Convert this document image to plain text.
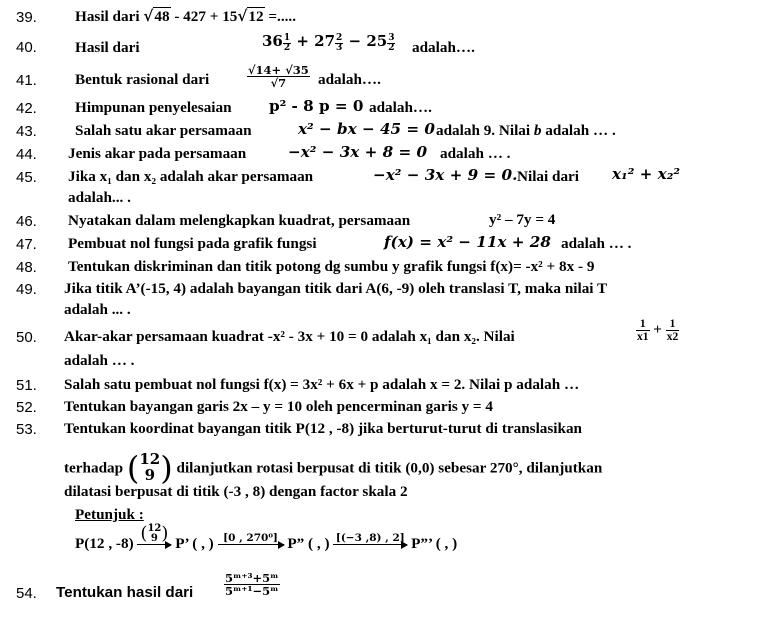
39.	Hasil dari √48 - 427 + 15√12 =.....
40.	Hasil dari	$36 \frac{1}{2} + 27 \frac{2}{3} - 25 \frac{3}{2}$ adalah….
41.	Bentuk rasional dari	$\frac{√14+ √35}{√7}$ adalah….
42.	Himpunan penyelesaian p² - 8 p = 0 adalah….
43.	Salah satu akar persamaan	x² − bx − 45 = 0 adalah 9. Nilai b adalah … .
44. Jenis akar pada persamaan	−x² − 3x + 8 = 0 adalah … .
45. Jika x₁ dan x₂ adalah akar persamaan	−x² − 3x + 9 = 0. Nilai dari x₁² + x₂²
adalah... .
46. Nyatakan dalam melengkapkan kuadrat, persamaan	y² – 7y = 4
47. Pembuat nol fungsi pada grafik fungsi	f(x) = x² − 11x + 28 adalah … .
48. Tentukan diskriminan dan titik potong dg sumbu y grafik fungsi f(x)= -x² + 8x - 9
49. Jika titik A’(-15, 4) adalah bayangan titik dari A(6, -9) oleh translasi T, maka nilai T
adalah ... .
50. Akar-akar persamaan kuadrat -x² - 3x + 10 = 0 adalah x₁ dan x₂. Nilai	$\frac{1}{x1} + \frac{1}{x2}$
adalah … .
51. Salah satu pembuat nol fungsi f(x) = 3x² + 6x + p adalah x = 2. Nilai p adalah …
52. Tentukan bayangan garis 2x – y = 10 oleh pencerminan garis y = 4
53. Tentukan koordinat bayangan titik P(12 , -8) jika berturut-turut di translasikan
terhadap ( 12
9 ) dilanjutkan rotasi berpusat di titik (0,0) sebesar 270°, dilanjutkan
dilatasi berpusat di titik (-3 , 8) dengan factor skala 2
Petunjuk :
P(12 , -8) ( 12
9 ) P’ ( , ) [0 , 270⁰] P” ( , ) [(−3 ,8) , 2] P”’ ( , )
54. Tentukan hasil dari	$\frac{\text{5ᵐ⁺³+5ᵐ}}{\text{5ᵐ⁺¹−5ᵐ}}$
